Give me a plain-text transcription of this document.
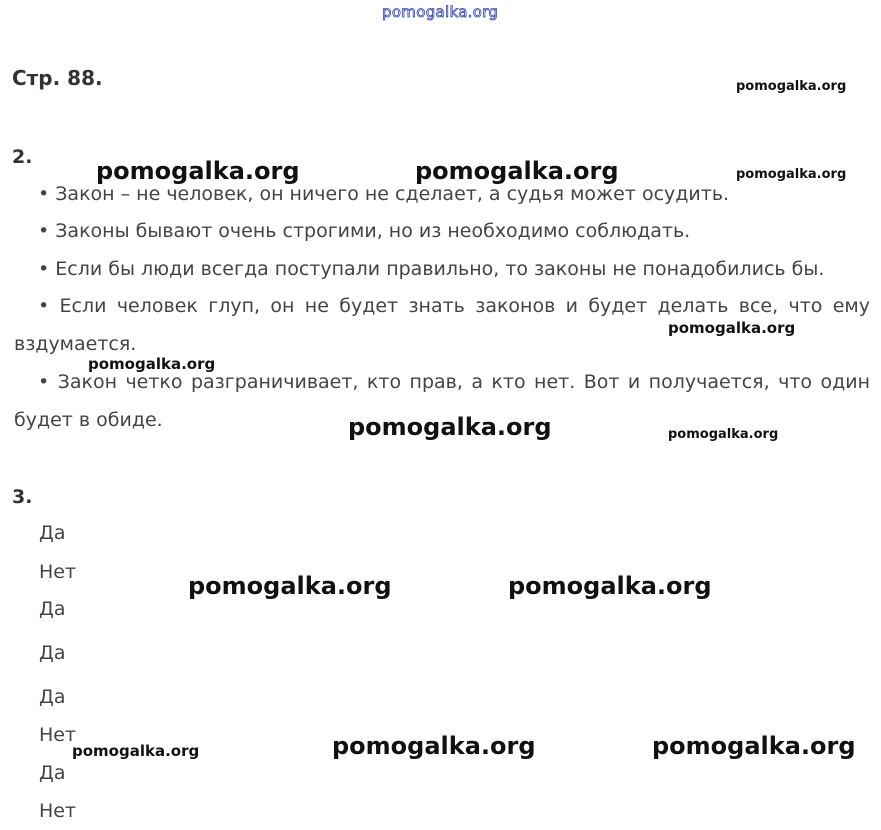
pomogalka.org
Стр. 88.	pomogalka.org
2.
• Закон – не человек, он ничего не сделает, а судья может осудить.
• Законы бывают очень строгими, но из необходимо соблюдать.
• Если бы люди всегда поступали правильно, то законы не понадобились бы.
• Если человек глуп, он не будет знать законов и будет делать все, что ему вздумается.
• Закон четко разграничивает, кто прав, а кто нет. Вот и получается, что один будет в обиде.
pomogalka.org	pomogalka.org	pomogalka.org
pomogalka.org
pomogalka.org
pomogalka.org	pomogalka.org
3.
Да
Нет
Да
Да
Да
Нет
Да
Нет
pomogalka.org	pomogalka.org
pomogalka.org	pomogalka.org	pomogalka.org
